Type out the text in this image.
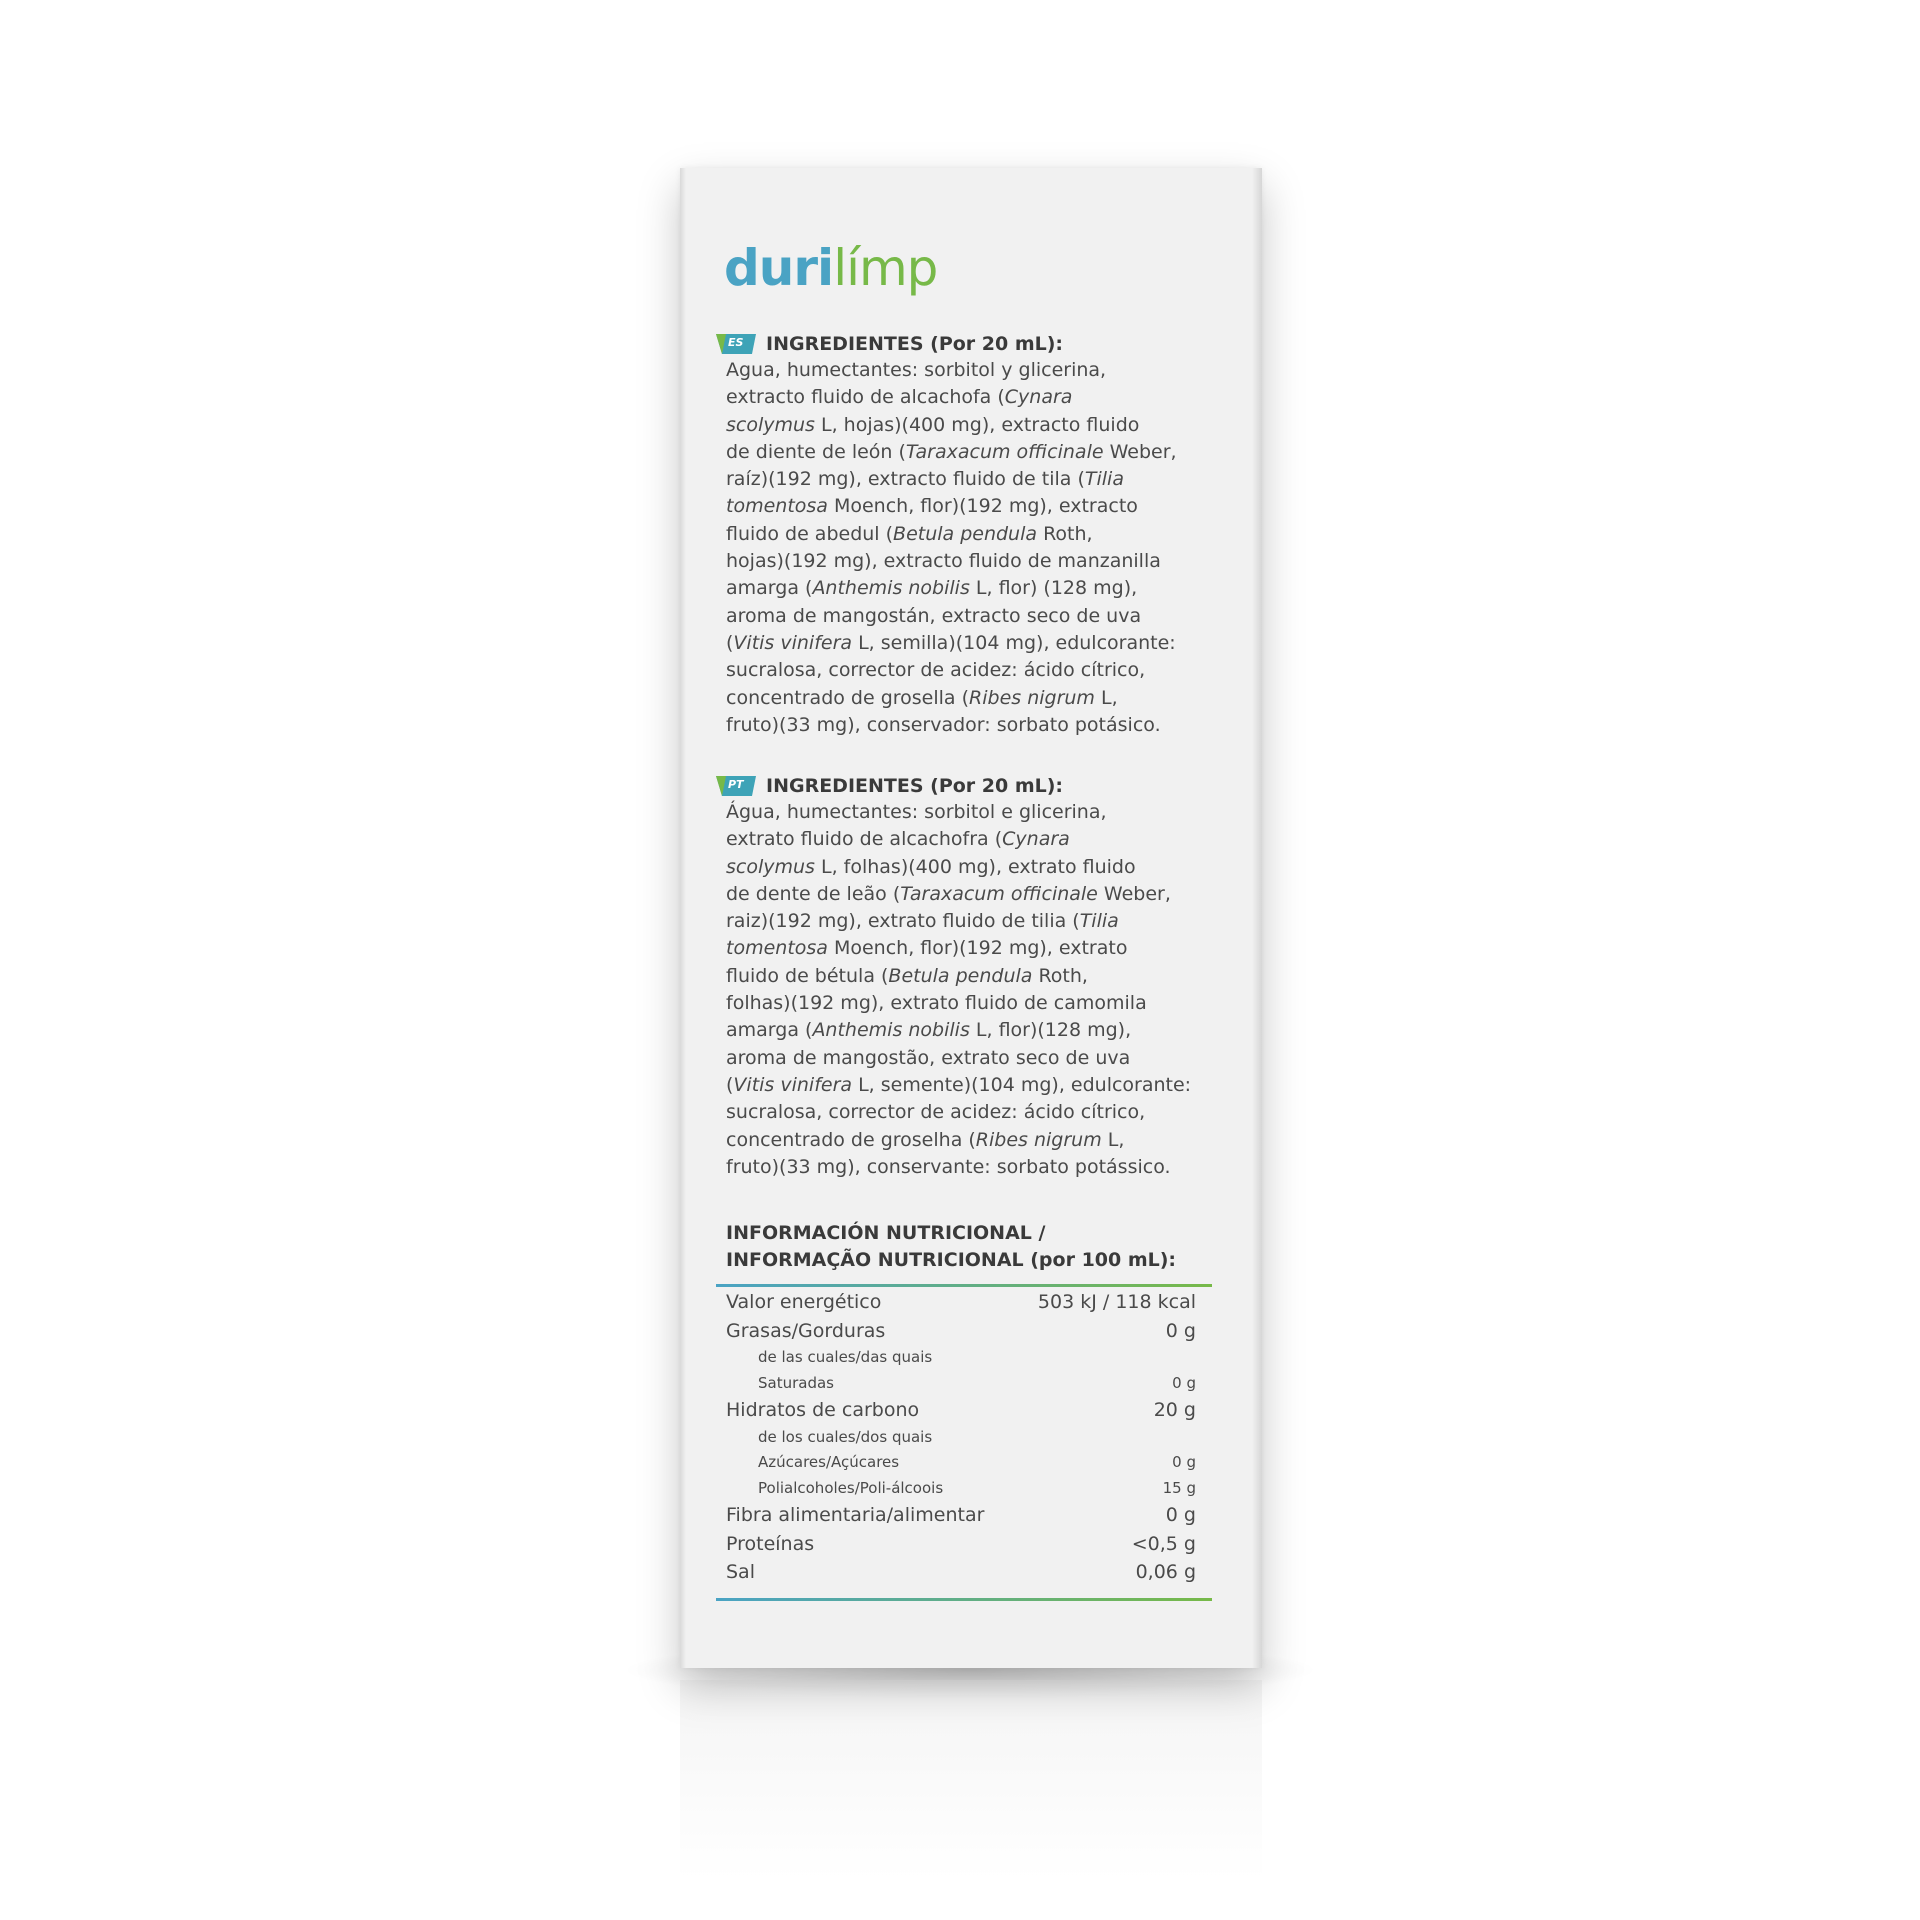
durilímp
ES INGREDIENTES (Por 20 mL):
Agua, humectantes: sorbitol y glicerina,
extracto fluido de alcachofa (Cynara
scolymus L, hojas)(400 mg), extracto fluido
de diente de león (Taraxacum officinale Weber,
raíz)(192 mg), extracto fluido de tila (Tilia
tomentosa Moench, flor)(192 mg), extracto
fluido de abedul (Betula pendula Roth,
hojas)(192 mg), extracto fluido de manzanilla
amarga (Anthemis nobilis L, flor) (128 mg),
aroma de mangostán, extracto seco de uva
(Vitis vinifera L, semilla)(104 mg), edulcorante:
sucralosa, corrector de acidez: ácido cítrico,
concentrado de grosella (Ribes nigrum L,
fruto)(33 mg), conservador: sorbato potásico.
PT INGREDIENTES (Por 20 mL):
Água, humectantes: sorbitol e glicerina,
extrato fluido de alcachofra (Cynara
scolymus L, folhas)(400 mg), extrato fluido
de dente de leão (Taraxacum officinale Weber,
raiz)(192 mg), extrato fluido de tilia (Tilia
tomentosa Moench, flor)(192 mg), extrato
fluido de bétula (Betula pendula Roth,
folhas)(192 mg), extrato fluido de camomila
amarga (Anthemis nobilis L, flor)(128 mg),
aroma de mangostão, extrato seco de uva
(Vitis vinifera L, semente)(104 mg), edulcorante:
sucralosa, corrector de acidez: ácido cítrico,
concentrado de groselha (Ribes nigrum L,
fruto)(33 mg), conservante: sorbato potássico.
INFORMACIÓN NUTRICIONAL /
INFORMAÇÃO NUTRICIONAL (por 100 mL):
Valor energético	503 kJ / 118 kcal
Grasas/Gorduras	0 g
de las cuales/das quais
Saturadas	0 g
Hidratos de carbono	20 g
de los cuales/dos quais
Azúcares/Açúcares	0 g
Polialcoholes/Poli-álcoois	15 g
Fibra alimentaria/alimentar	0 g
Proteínas	<0,5 g
Sal	0,06 g
